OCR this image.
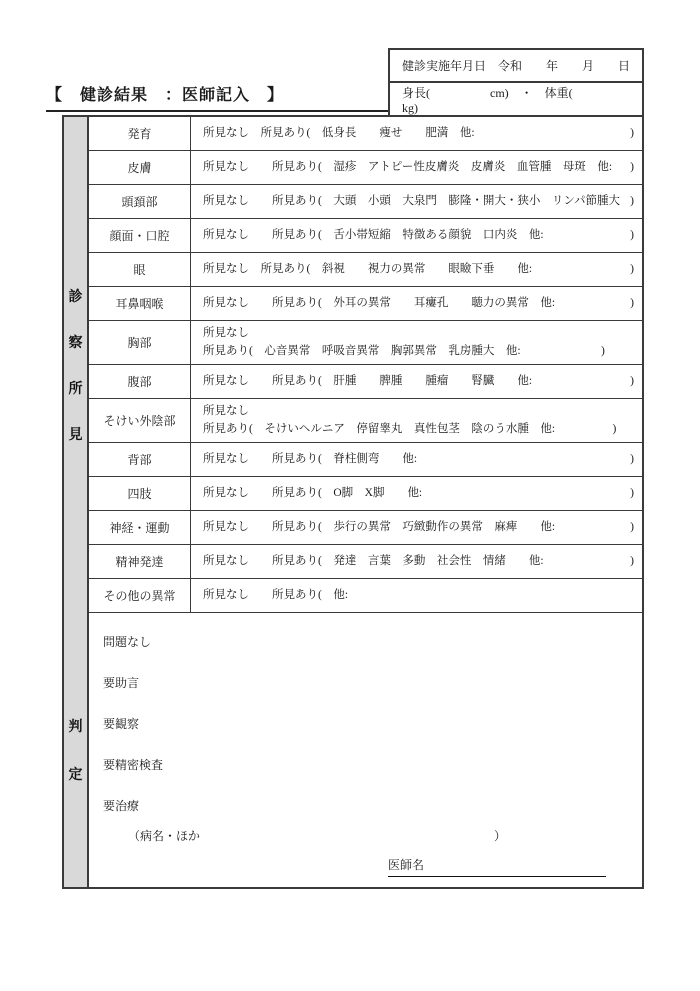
【　健診結果　：医師記入　】
健診実施年月日　令和 年 月 日
身長(　　　　　cm)　・　体重(　　　　　kg)
診
察
所
見
発育	所見なし　所見あり(　低身長　　痩せ　　肥満　他:	)
皮膚	所見なし　　所見あり(　湿疹　アトピー性皮膚炎　皮膚炎　血管腫　母斑　他: )
頭頚部	所見なし　　所見あり(　大頭　小頭　大泉門　膨隆・開大・狭小　リンパ節腫大 )
顔面・口腔	所見なし　　所見あり(　舌小帯短縮　特徴ある顔貌　口内炎　他:	)
眼	所見なし　所見あり(　斜視　　視力の異常　　眼瞼下垂　　他:	)
耳鼻咽喉	所見なし　　所見あり(　外耳の異常　　耳瘻孔　　聴力の異常　他:	)
胸部
所見なし
所見あり(　心音異常　呼吸音異常　胸郭異常　乳房腫大　他:　　　　　　　)
腹部	所見なし　　所見あり(　肝腫　　脾腫　　腫瘤　　腎臓　　他:	)
そけい外陰部
所見なし
所見あり(　そけいヘルニア　停留睾丸　真性包茎　陰のう水腫　他:　　　　　)
背部	所見なし　　所見あり(　脊柱側弯　　他:	)
四肢	所見なし　　所見あり(　O脚　X脚　　他:	)
神経・運動	所見なし　　所見あり(　歩行の異常　巧緻動作の異常　麻痺　　他:	)
精神発達	所見なし　　所見あり(　発達　言葉　多動　社会性　情緒　　他:	)
その他の異常	所見なし　　所見あり(　他:
判
定
（病名・ほか	）
医師名
問題なし
要助言
要観察
要精密検査
要治療
